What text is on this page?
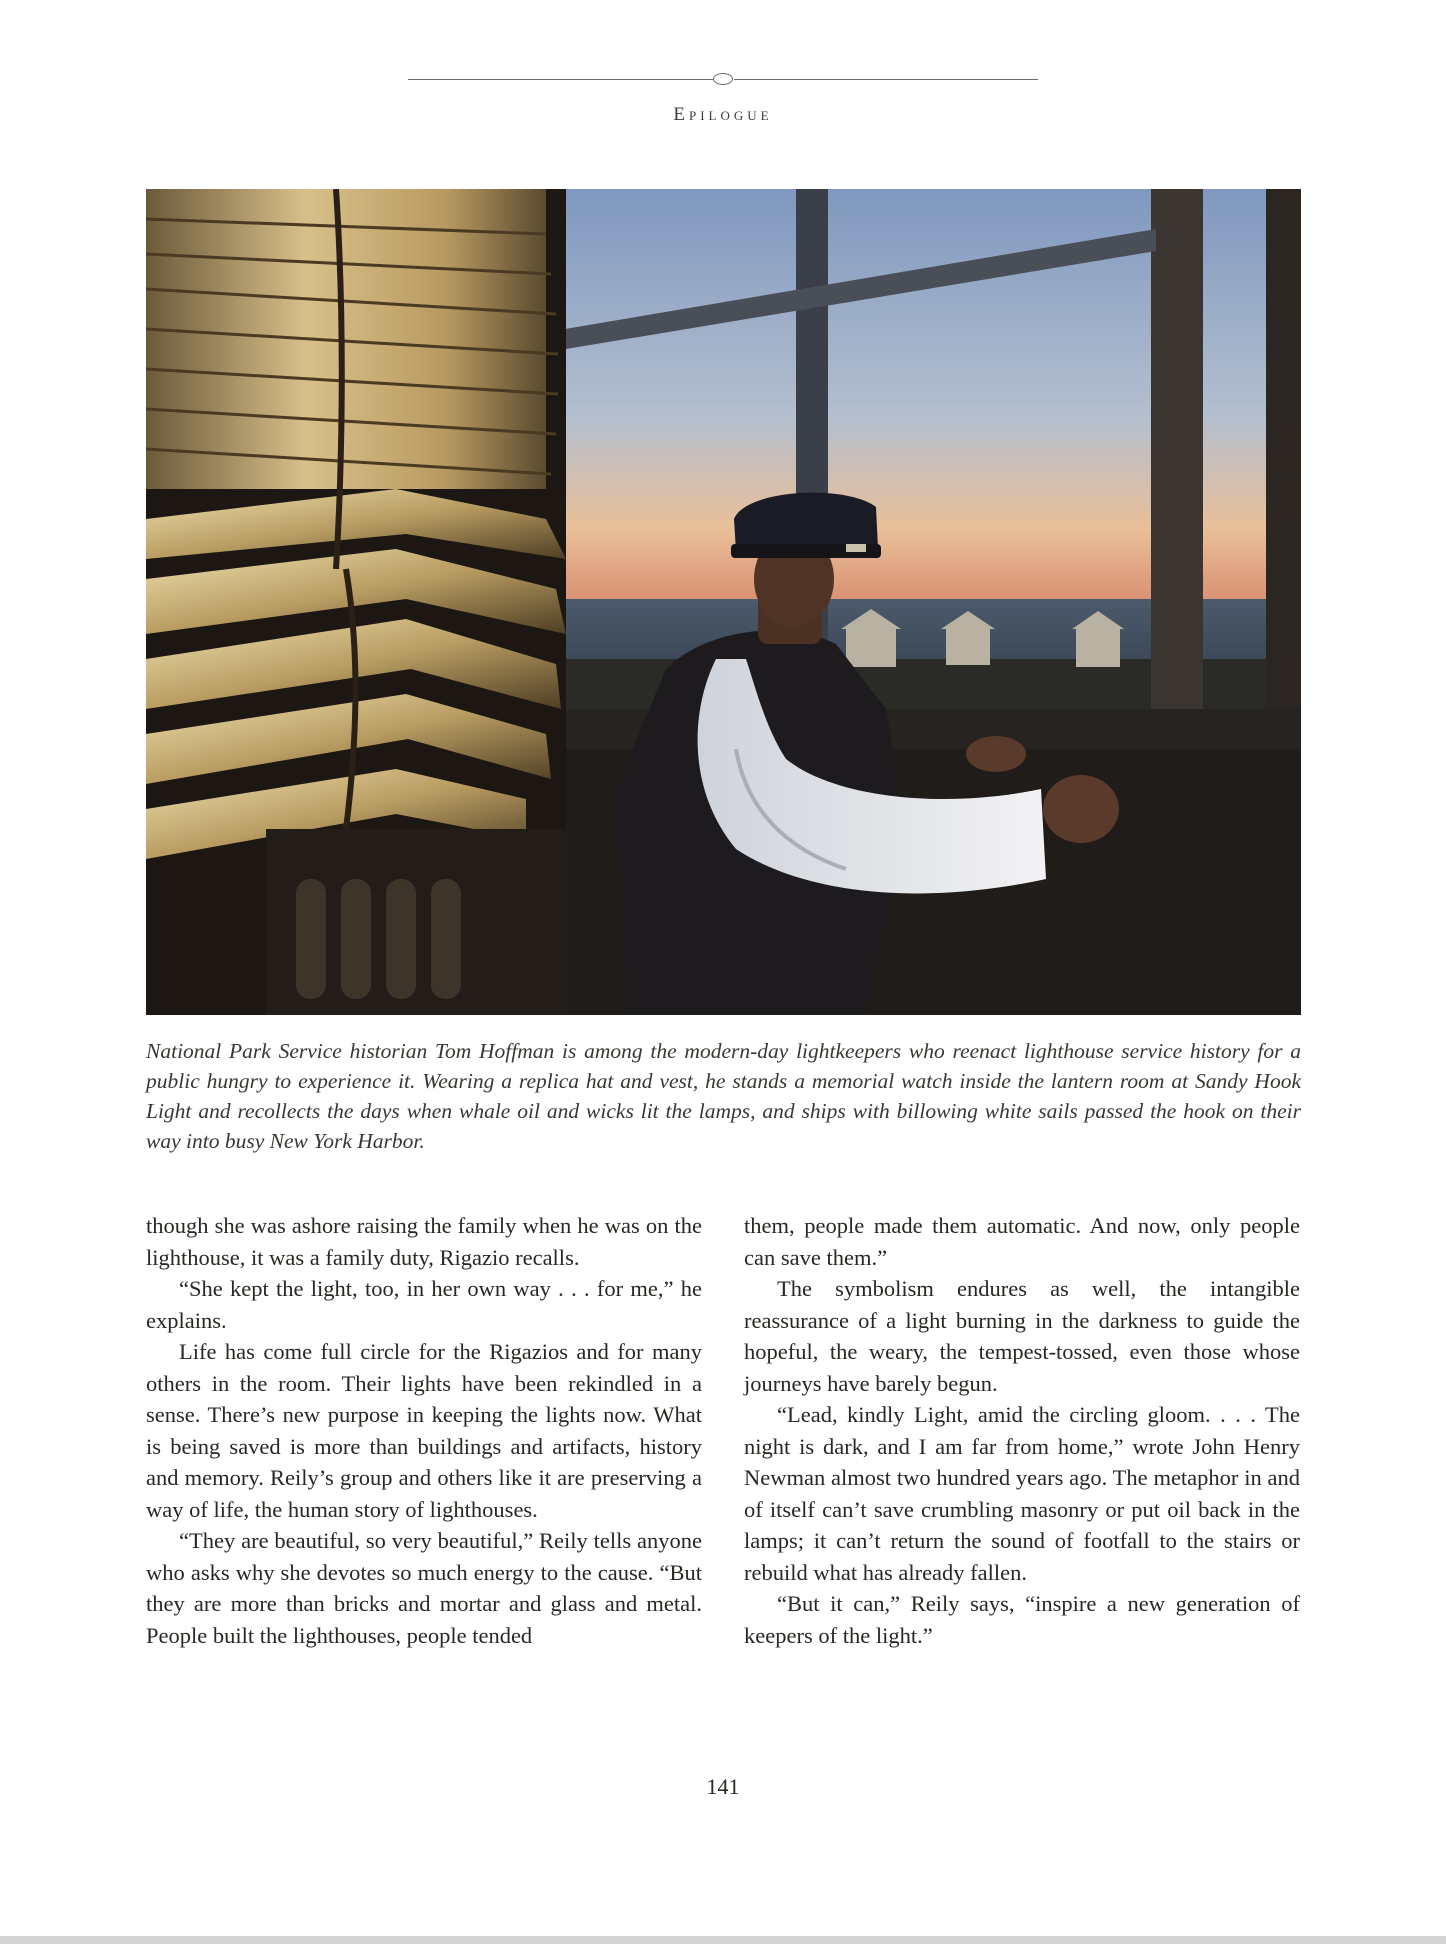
Epilogue

National Park Service historian Tom Hoffman is among the modern-day lightkeepers who reenact lighthouse service history for a public hungry to experience it. Wearing a replica hat and vest, he stands a memorial watch inside the lantern room at Sandy Hook Light and recollects the days when whale oil and wicks lit the lamps, and ships with billowing white sails passed the hook on their way into busy New York Harbor.

though she was ashore raising the family when he was on the lighthouse, it was a family duty, Rigazio recalls.

“She kept the light, too, in her own way . . . for me,” he explains.

Life has come full circle for the Rigazios and for many others in the room. Their lights have been rekindled in a sense. There’s new purpose in keeping the lights now. What is being saved is more than buildings and artifacts, history and memory. Reily’s group and others like it are preserving a way of life, the human story of lighthouses.

“They are beautiful, so very beautiful,” Reily tells anyone who asks why she devotes so much energy to the cause. “But they are more than bricks and mortar and glass and metal. People built the lighthouses, people tended

them, people made them automatic. And now, only people can save them.”

The symbolism endures as well, the intangible reassurance of a light burning in the darkness to guide the hopeful, the weary, the tempest-tossed, even those whose journeys have barely begun.

“Lead, kindly Light, amid the circling gloom. . . . The night is dark, and I am far from home,” wrote John Henry Newman almost two hundred years ago. The metaphor in and of itself can’t save crumbling masonry or put oil back in the lamps; it can’t return the sound of footfall to the stairs or rebuild what has already fallen.

“But it can,” Reily says, “inspire a new generation of keepers of the light.”

141
